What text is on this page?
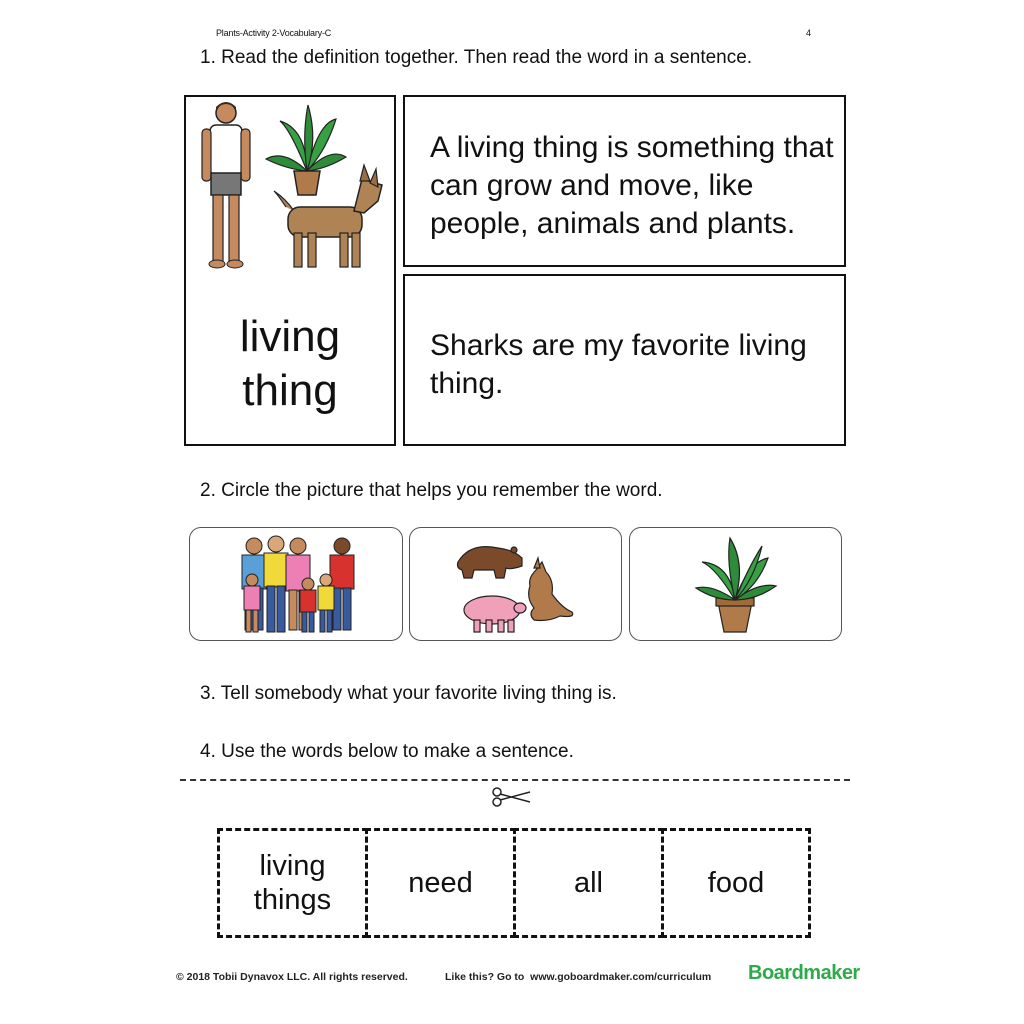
Plants-Activity 2-Vocabulary-C	4
1. Read the definition together. Then read the word in a sentence.
living
thing
A living thing is something that can grow and move, like people, animals and plants.
Sharks are my favorite living thing.
2. Circle the picture that helps you remember the word.
3. Tell somebody what your favorite living thing is.
4. Use the words below to make a sentence.
living things
need	all	food
© 2018 Tobii Dynavox LLC. All rights reserved.	Like this? Go to  www.goboardmaker.com/curriculum Boardmaker
